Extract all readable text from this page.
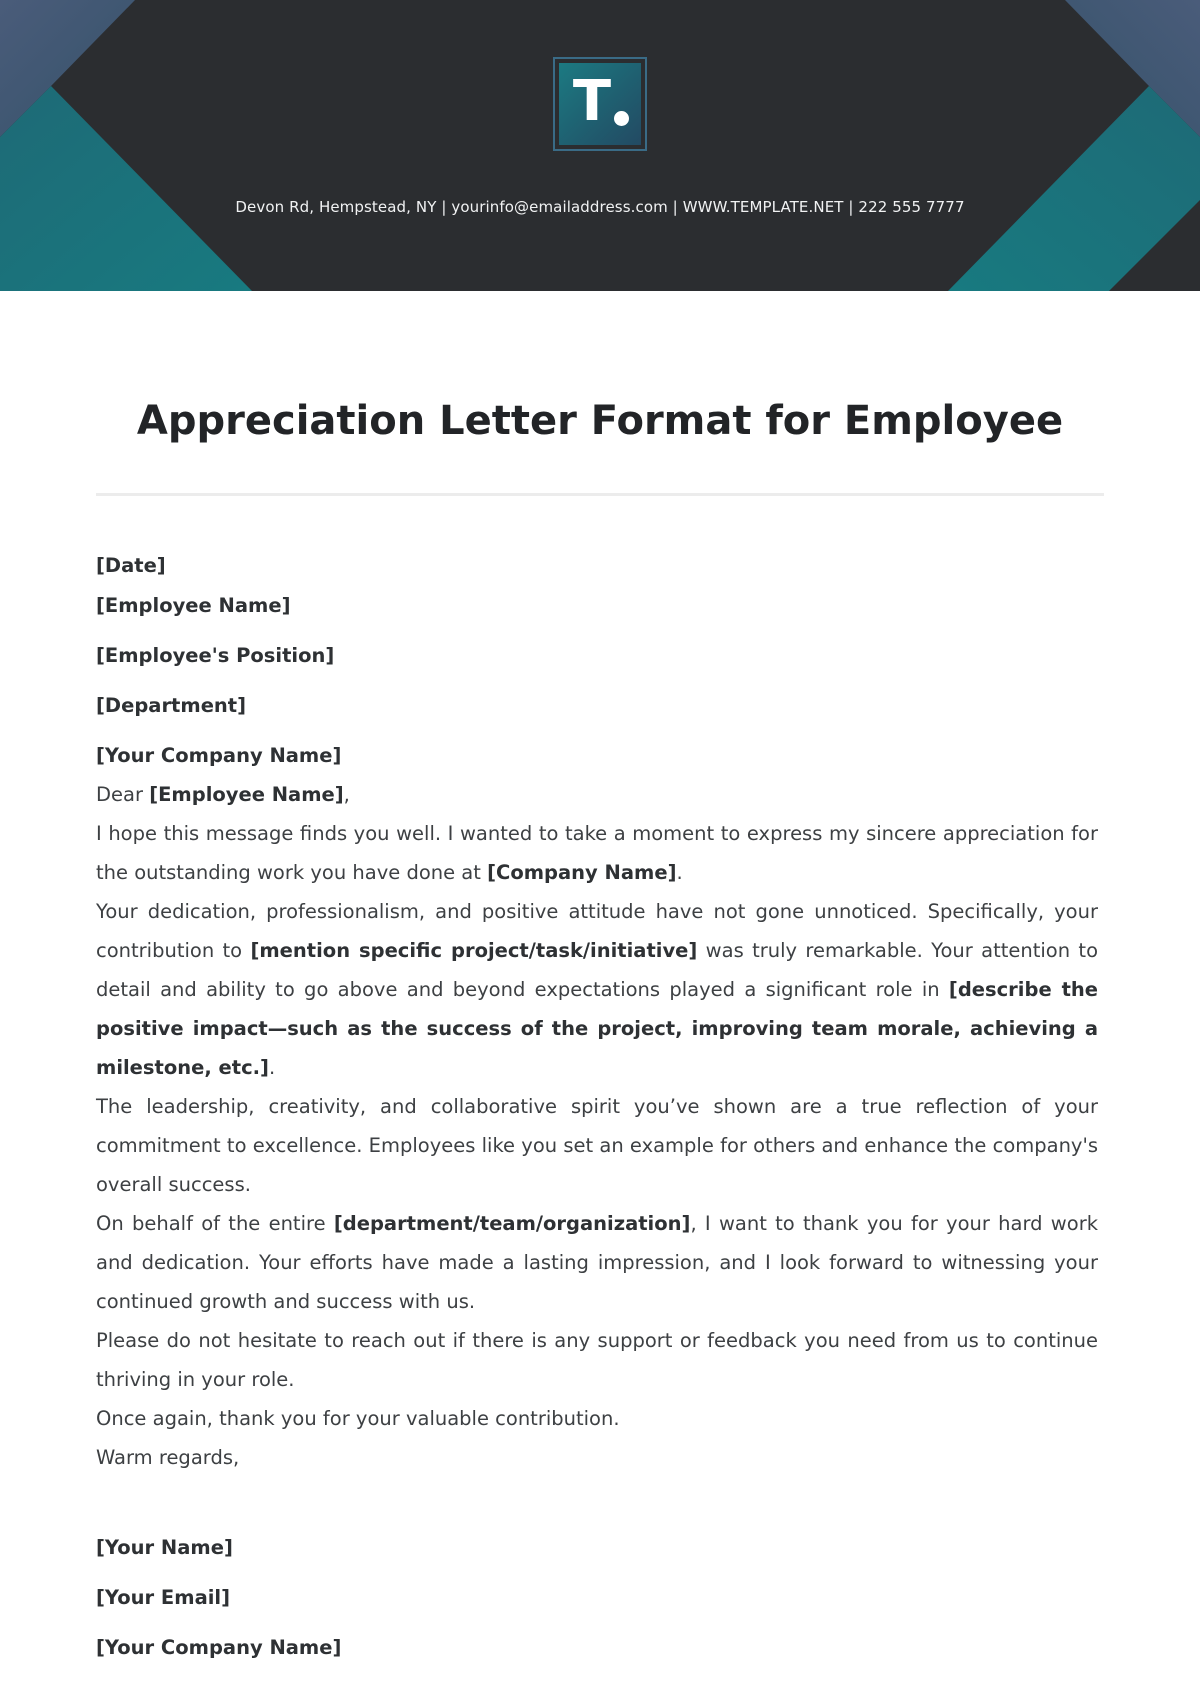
T
Devon Rd, Hempstead, NY | yourinfo@emailaddress.com | WWW.TEMPLATE.NET | 222 555 7777
Appreciation Letter Format for Employee
[Date]
[Employee Name]
[Employee's Position]
[Department]
[Your Company Name]

Dear [Employee Name],

I hope this message finds you well. I wanted to take a moment to express my sincere appreciation for the outstanding work you have done at [Company Name].

Your dedication, professionalism, and positive attitude have not gone unnoticed. Specifically, your contribution to [mention specific project/task/initiative] was truly remarkable. Your attention to detail and ability to go above and beyond expectations played a significant role in [describe the positive impact—such as the success of the project, improving team morale, achieving a milestone, etc.].

The leadership, creativity, and collaborative spirit you’ve shown are a true reflection of your commitment to excellence. Employees like you set an example for others and enhance the company's overall success.

On behalf of the entire [department/team/organization], I want to thank you for your hard work and dedication. Your efforts have made a lasting impression, and I look forward to witnessing your continued growth and success with us.

Please do not hesitate to reach out if there is any support or feedback you need from us to continue thriving in your role.

Once again, thank you for your valuable contribution.

Warm regards,

[Your Name]
[Your Email]
[Your Company Name]
